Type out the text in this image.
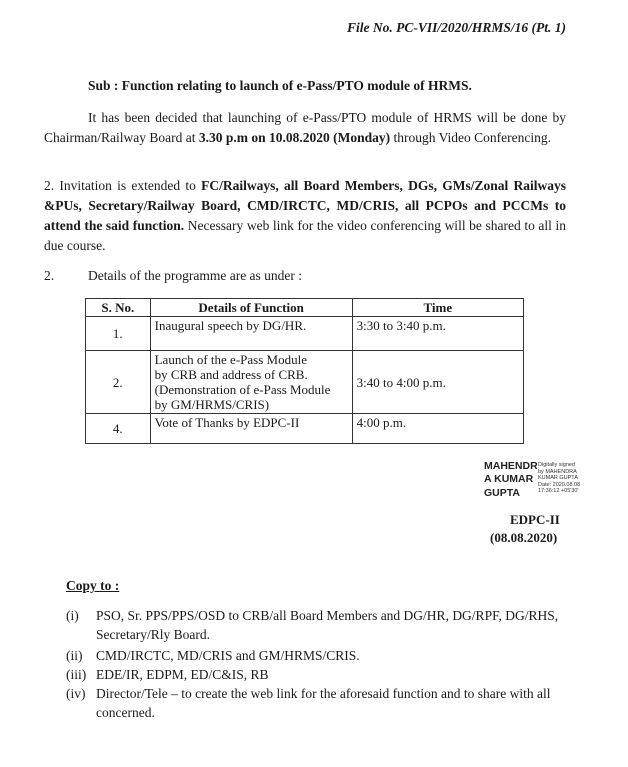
File No. PC-VII/2020/HRMS/16 (Pt. 1)
Sub : Function relating to launch of e-Pass/PTO module of HRMS.
It has been decided that launching of e-Pass/PTO module of HRMS will be done by Chairman/Railway Board at 3.30 p.m on 10.08.2020 (Monday) through Video Conferencing.
2. Invitation is extended to FC/Railways, all Board Members, DGs, GMs/Zonal Railways &PUs, Secretary/Railway Board, CMD/IRCTC, MD/CRIS, all PCPOs and PCCMs to attend the said function. Necessary web link for the video conferencing will be shared to all in due course.
2.	Details of the programme are as under :
S. No.	Details of Function	Time
1.	Inaugural speech by DG/HR.	3:30 to 3:40 p.m.
2.	Launch of the e-Pass Module
by CRB and address of CRB.
(Demonstration of e-Pass Module
by GM/HRMS/CRIS)	3:40 to 4:00 p.m.
4.	Vote of Thanks by EDPC-II	4:00 p.m.
MAHENDR
A KUMAR
GUPTA
Digitally signed
by MAHENDRA
KUMAR GUPTA
Date: 2020.08.08
17:36:12 +05'30'
EDPC-II
(08.08.2020)
Copy to :
(i) PSO, Sr. PPS/PPS/OSD to CRB/all Board Members and DG/HR, DG/RPF, DG/RHS, Secretary/Rly Board.
(ii) CMD/IRCTC, MD/CRIS and GM/HRMS/CRIS.
(iii) EDE/IR, EDPM, ED/C&IS, RB
(iv) Director/Tele – to create the web link for the aforesaid function and to share with all concerned.
